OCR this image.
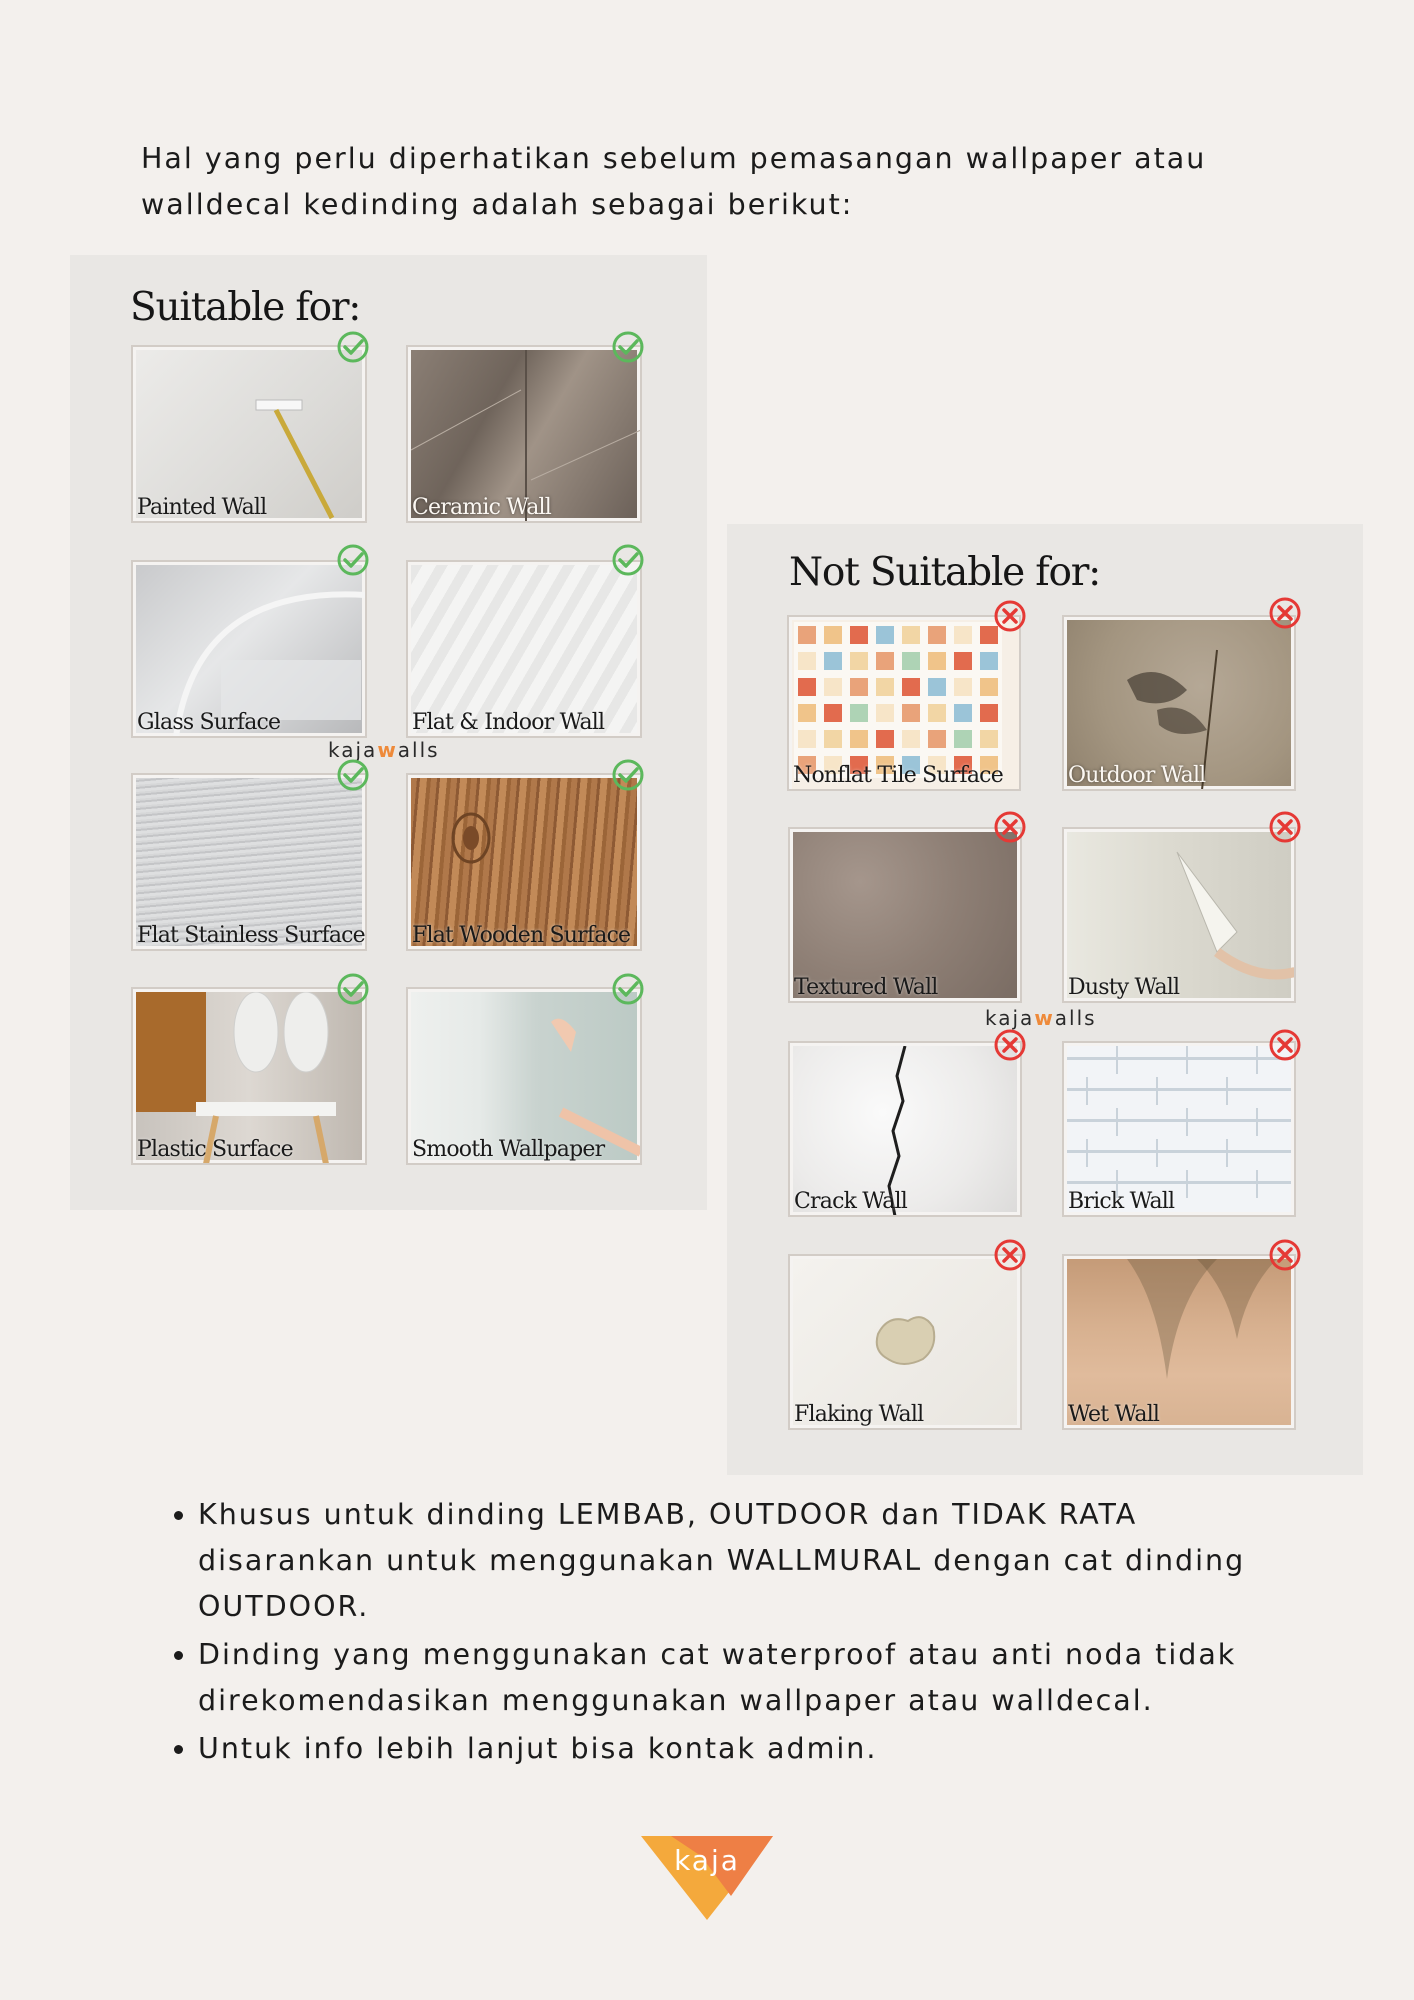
Hal yang perlu diperhatikan sebelum pemasangan wallpaper atau walldecal kedinding adalah sebagai berikut:

Suitable for:
Painted Wall	Ceramic Wall
Glass Surface	Flat & Indoor Wall
kajawalls
Flat Stainless Surface Flat Wooden Surface
Plastic Surface	Smooth Wallpaper
Not Suitable for:
Nonflat Tile Surface	Outdoor Wall
Textured Wall	Dusty Wall
kajawalls
Crack Wall	Brick Wall
Flaking Wall	Wet Wall
• Khusus untuk dinding LEMBAB, OUTDOOR dan TIDAK RATA disarankan untuk menggunakan WALLMURAL dengan cat dinding OUTDOOR.
• Dinding yang menggunakan cat waterproof atau anti noda tidak direkomendasikan menggunakan wallpaper atau walldecal.
• Untuk info lebih lanjut bisa kontak admin.
kaja
